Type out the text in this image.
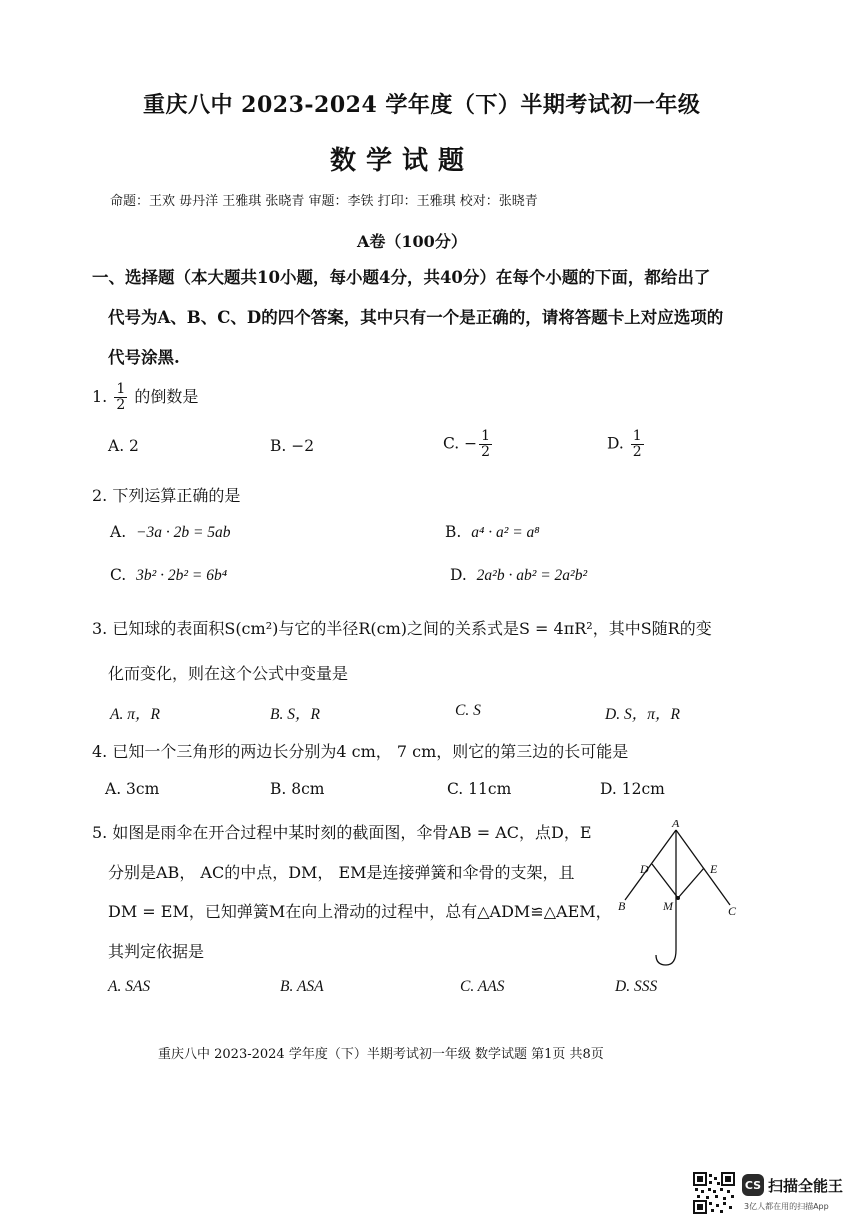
重庆八中 2023-2024 学年度（下）半期考试初一年级
数学试题
命题：王欢 毋丹洋 王雅琪 张晓青 审题：李铁 打印：王雅琪 校对：张晓青
A卷（100分）
一、选择题（本大题共10小题，每小题4分，共40分）在每个小题的下面，都给出了
代号为A、B、C、D的四个答案，其中只有一个是正确的，请将答题卡上对应选项的
代号涂黑.
1. $\frac{1}{2}$ 的倒数是
A. 2	B. −2	C. − $\frac{1}{2}$	D. $\frac{1}{2}$
2. 下列运算正确的是
A. −3a · 2b = 5ab	B. a⁴ · a² = a⁸
C. 3b² · 2b² = 6b⁴	D. 2a²b · ab² = 2a²b²
3. 已知球的表面积S(cm²)与它的半径R(cm)之间的关系式是S = 4πR²，其中S随R的变
化而变化，则在这个公式中变量是
A. π，R	B. S，R	C. S	D. S，π，R
4. 已知一个三角形的两边长分别为4 cm， 7 cm，则它的第三边的长可能是
A. 3cm	B. 8cm	C. 11cm	D. 12cm
5. 如图是雨伞在开合过程中某时刻的截面图，伞骨AB = AC，点D，E
分别是AB， AC的中点，DM， EM是连接弹簧和伞骨的支架，且
DM = EM，已知弹簧M在向上滑动的过程中，总有△ADM≌△AEM，
其判定依据是
A. SAS	B. ASA	C. AAS	D. SSS
A
D	E
B	C
M
重庆八中 2023-2024 学年度（下）半期考试初一年级 数学试题 第1页 共8页
CS 扫描全能王
3亿人都在用的扫描App
